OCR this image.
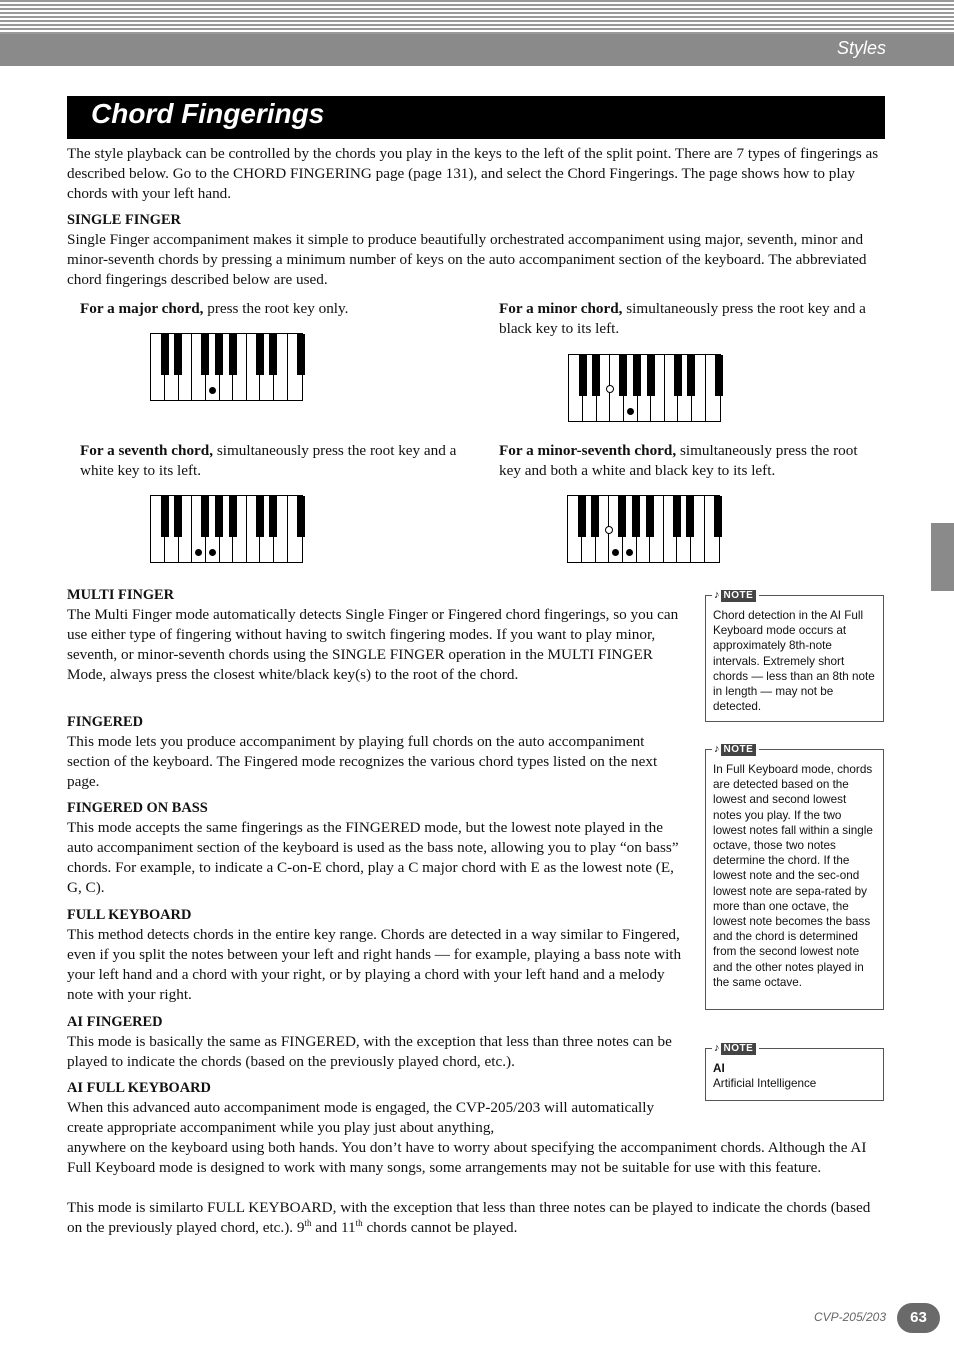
Styles
Chord Fingerings
The style playback can be controlled by the chords you play in the keys to the left of the split point. There are 7 types of fingerings as described below. Go to the CHORD FINGERING page (page 131), and select the Chord Fingerings. The page shows how to play chords with your left hand.
SINGLE FINGER
Single Finger accompaniment makes it simple to produce beautifully orchestrated accompaniment using major, seventh, minor and minor-seventh chords by pressing a minimum number of keys on the auto accompaniment section of the keyboard. The abbreviated chord fingerings described below are used.
For a major chord, press the root key only.	For a minor chord, simultaneously press the root key and a black key to its left.
For a seventh chord, simultaneously press the root key and a white key to its left.
For a minor-seventh chord, simultaneously press the root key and both a white and black key to its left.
MULTI FINGER
The Multi Finger mode automatically detects Single Finger or Fingered chord fingerings, so you can use either type of fingering without having to switch fingering modes. If you want to play minor, seventh, or minor-seventh chords using the SINGLE FINGER operation in the MULTI FINGER Mode, always press the closest white/black key(s) to the root of the chord.
FINGERED
This mode lets you produce accompaniment by playing full chords on the auto accompaniment section of the keyboard. The Fingered mode recognizes the various chord types listed on the next page.
FINGERED ON BASS
This mode accepts the same fingerings as the FINGERED mode, but the lowest note played in the auto accompaniment section of the keyboard is used as the bass note, allowing you to play “on bass” chords. For example, to indicate a C-on-E chord, play a C major chord with E as the lowest note (E, G, C).
FULL KEYBOARD
This method detects chords in the entire key range. Chords are detected in a way similar to Fingered, even if you split the notes between your left and right hands — for example, playing a bass note with your left hand and a chord with your right, or by playing a chord with your left hand and a melody note with your right.
AI FINGERED
This mode is basically the same as FINGERED, with the exception that less than three notes can be played to indicate the chords (based on the previously played chord, etc.).
AI FULL KEYBOARD
When this advanced auto accompaniment mode is engaged, the CVP-205/203 will automatically create appropriate accompaniment while you play just about anything,
anywhere on the keyboard using both hands. You don’t have to worry about specifying the accompaniment chords. Although the AI Full Keyboard mode is designed to work with many songs, some arrangements may not be suitable for use with this feature.
This mode is similarto FULL KEYBOARD, with the exception that less than three notes can be played to indicate the chords (based on the previously played chord, etc.). 9th and 11th chords cannot be played.
♪ NOTE
Chord detection in the AI Full Keyboard mode occurs at approximately 8th-note intervals. Extremely short chords — less than an 8th note in length — may not be detected.
♪ NOTE
In Full Keyboard mode, chords are detected based on the lowest and second lowest notes you play. If the two lowest notes fall within a single octave, those two notes determine the chord. If the lowest note and the sec-ond lowest note are sepa-rated by more than one octave, the lowest note becomes the bass and the chord is determined from the second lowest note and the other notes played in the same octave.
♪ NOTE
AI
Artificial Intelligence
CVP-205/203	63
